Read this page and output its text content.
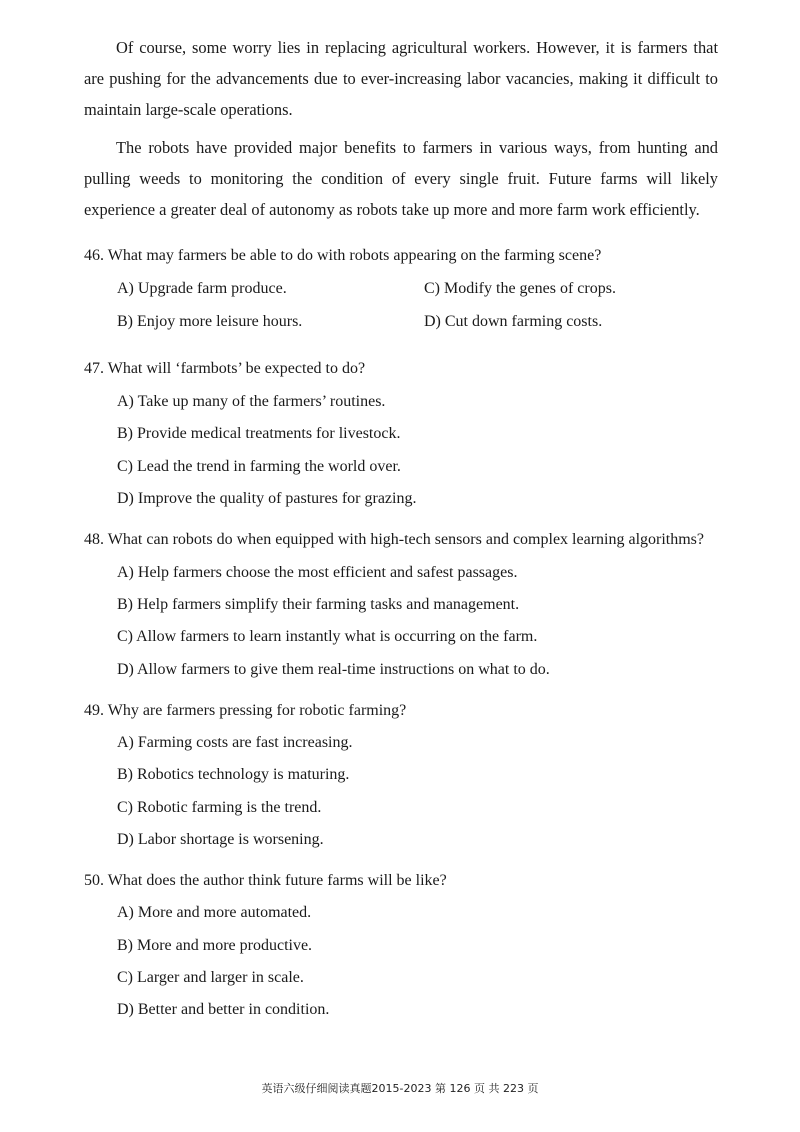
Of course, some worry lies in replacing agricultural workers. However, it is farmers that are pushing for the advancements due to ever-increasing labor vacancies, making it difficult to maintain large-scale operations.

The robots have provided major benefits to farmers in various ways, from hunting and pulling weeds to monitoring the condition of every single fruit. Future farms will likely experience a greater deal of autonomy as robots take up more and more farm work efficiently.

46. What may farmers be able to do with robots appearing on the farming scene?
A) Upgrade farm produce.	C) Modify the genes of crops.
B) Enjoy more leisure hours.	D) Cut down farming costs.
47. What will ‘farmbots’ be expected to do?
A) Take up many of the farmers’ routines.
B) Provide medical treatments for livestock.
C) Lead the trend in farming the world over.
D) Improve the quality of pastures for grazing.
48. What can robots do when equipped with high-tech sensors and complex learning algorithms?
A) Help farmers choose the most efficient and safest passages.
B) Help farmers simplify their farming tasks and management.
C) Allow farmers to learn instantly what is occurring on the farm.
D) Allow farmers to give them real-time instructions on what to do.
49. Why are farmers pressing for robotic farming?
A) Farming costs are fast increasing.
B) Robotics technology is maturing.
C) Robotic farming is the trend.
D) Labor shortage is worsening.
50. What does the author think future farms will be like?
A) More and more automated.
B) More and more productive.
C) Larger and larger in scale.
D) Better and better in condition.
英语六级仔细阅读真题2015-2023 第 126 页 共 223 页
